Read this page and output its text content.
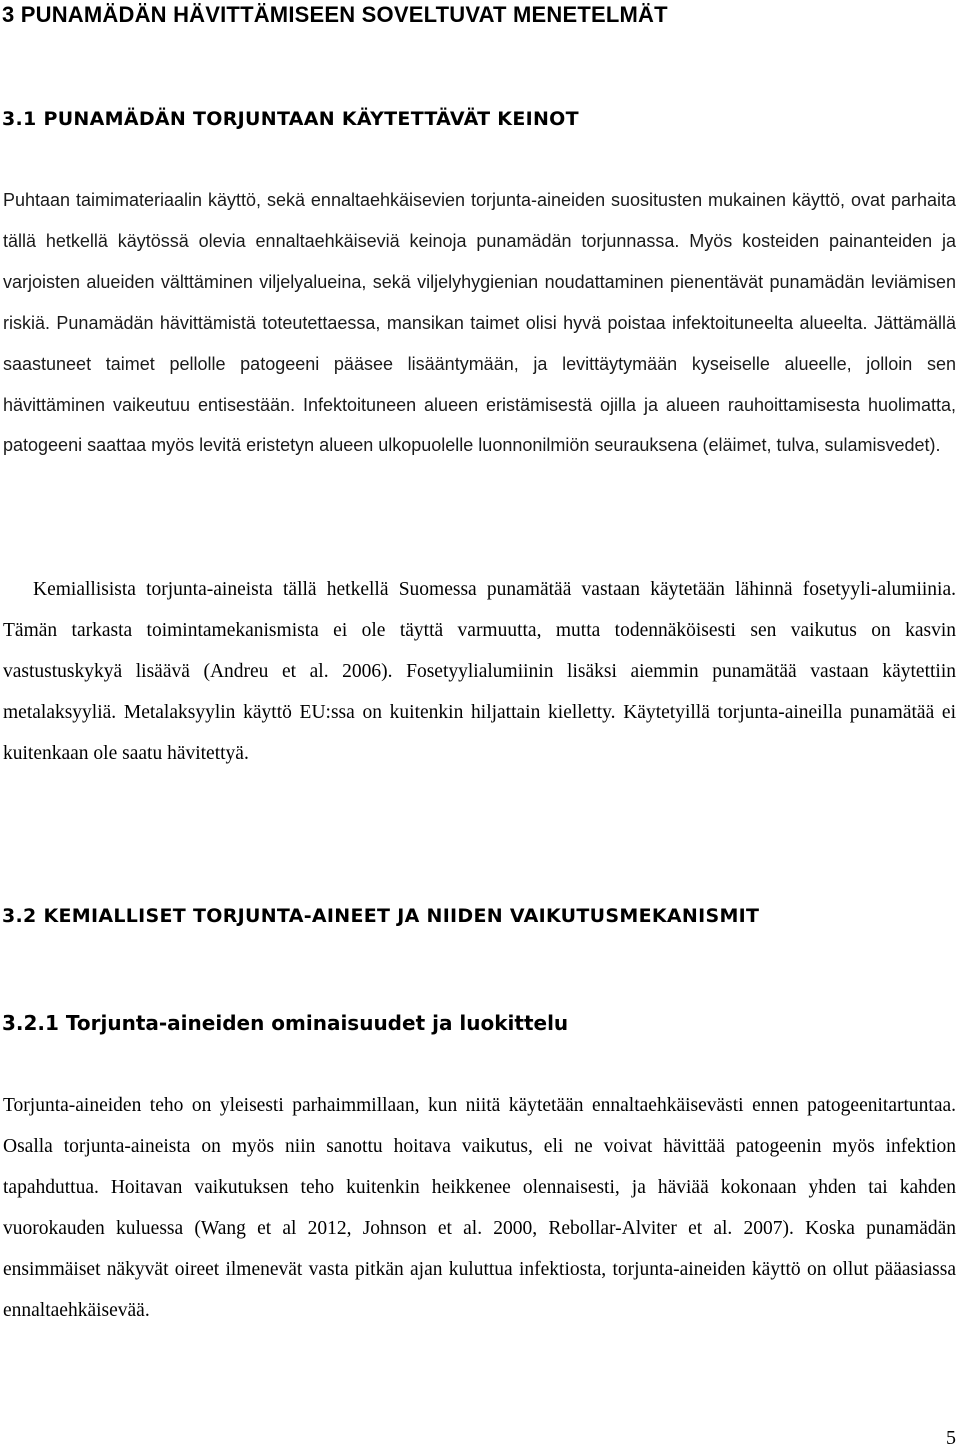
3 PUNAMÄDÄN HÄVITTÄMISEEN SOVELTUVAT MENETELMÄT
3.1 PUNAMÄDÄN TORJUNTAAN KÄYTETTÄVÄT KEINOT

Puhtaan taimimateriaalin käyttö, sekä ennaltaehkäisevien torjunta-aineiden suositusten mukainen käyttö, ovat parhaita tällä hetkellä käytössä olevia ennaltaehkäiseviä keinoja punamädän torjunnassa. Myös kosteiden painanteiden ja varjoisten alueiden välttäminen viljelyalueina, sekä viljelyhygienian noudattaminen pienentävät punamädän leviämisen riskiä. Punamädän hävittämistä toteutettaessa, mansikan taimet olisi hyvä poistaa infektoituneelta alueelta. Jättämällä saastuneet taimet pellolle patogeeni pääsee lisääntymään, ja levittäytymään kyseiselle alueelle, jolloin sen hävittäminen vaikeutuu entisestään. Infektoituneen alueen eristämisestä ojilla ja alueen rauhoittamisesta huolimatta, patogeeni saattaa myös levitä eristetyn alueen ulkopuolelle luonnonilmiön seurauksena (eläimet, tulva, sulamisvedet).

Kemiallisista torjunta-aineista tällä hetkellä Suomessa punamätää vastaan käytetään lähinnä fosetyyli-alumiinia. Tämän tarkasta toimintamekanismista ei ole täyttä varmuutta, mutta todennäköisesti sen vaikutus on kasvin vastustuskykyä lisäävä (Andreu et al. 2006). Fosetyylialumiinin lisäksi aiemmin punamätää vastaan käytettiin metalaksyyliä. Metalaksyylin käyttö EU:ssa on kuitenkin hiljattain kielletty. Käytetyillä torjunta-aineilla punamätää ei kuitenkaan ole saatu hävitettyä.

3.2 KEMIALLISET TORJUNTA-AINEET JA NIIDEN VAIKUTUSMEKANISMIT
3.2.1 Torjunta-aineiden ominaisuudet ja luokittelu

Torjunta-aineiden teho on yleisesti parhaimmillaan, kun niitä käytetään ennaltaehkäisevästi ennen patogeenitartuntaa. Osalla torjunta-aineista on myös niin sanottu hoitava vaikutus, eli ne voivat hävittää patogeenin myös infektion tapahduttua. Hoitavan vaikutuksen teho kuitenkin heikkenee olennaisesti, ja häviää kokonaan yhden tai kahden vuorokauden kuluessa (Wang et al 2012, Johnson et al. 2000, Rebollar-Alviter et al. 2007). Koska punamädän ensimmäiset näkyvät oireet ilmenevät vasta pitkän ajan kuluttua infektiosta, torjunta-aineiden käyttö on ollut pääasiassa ennaltaehkäisevää.

5
